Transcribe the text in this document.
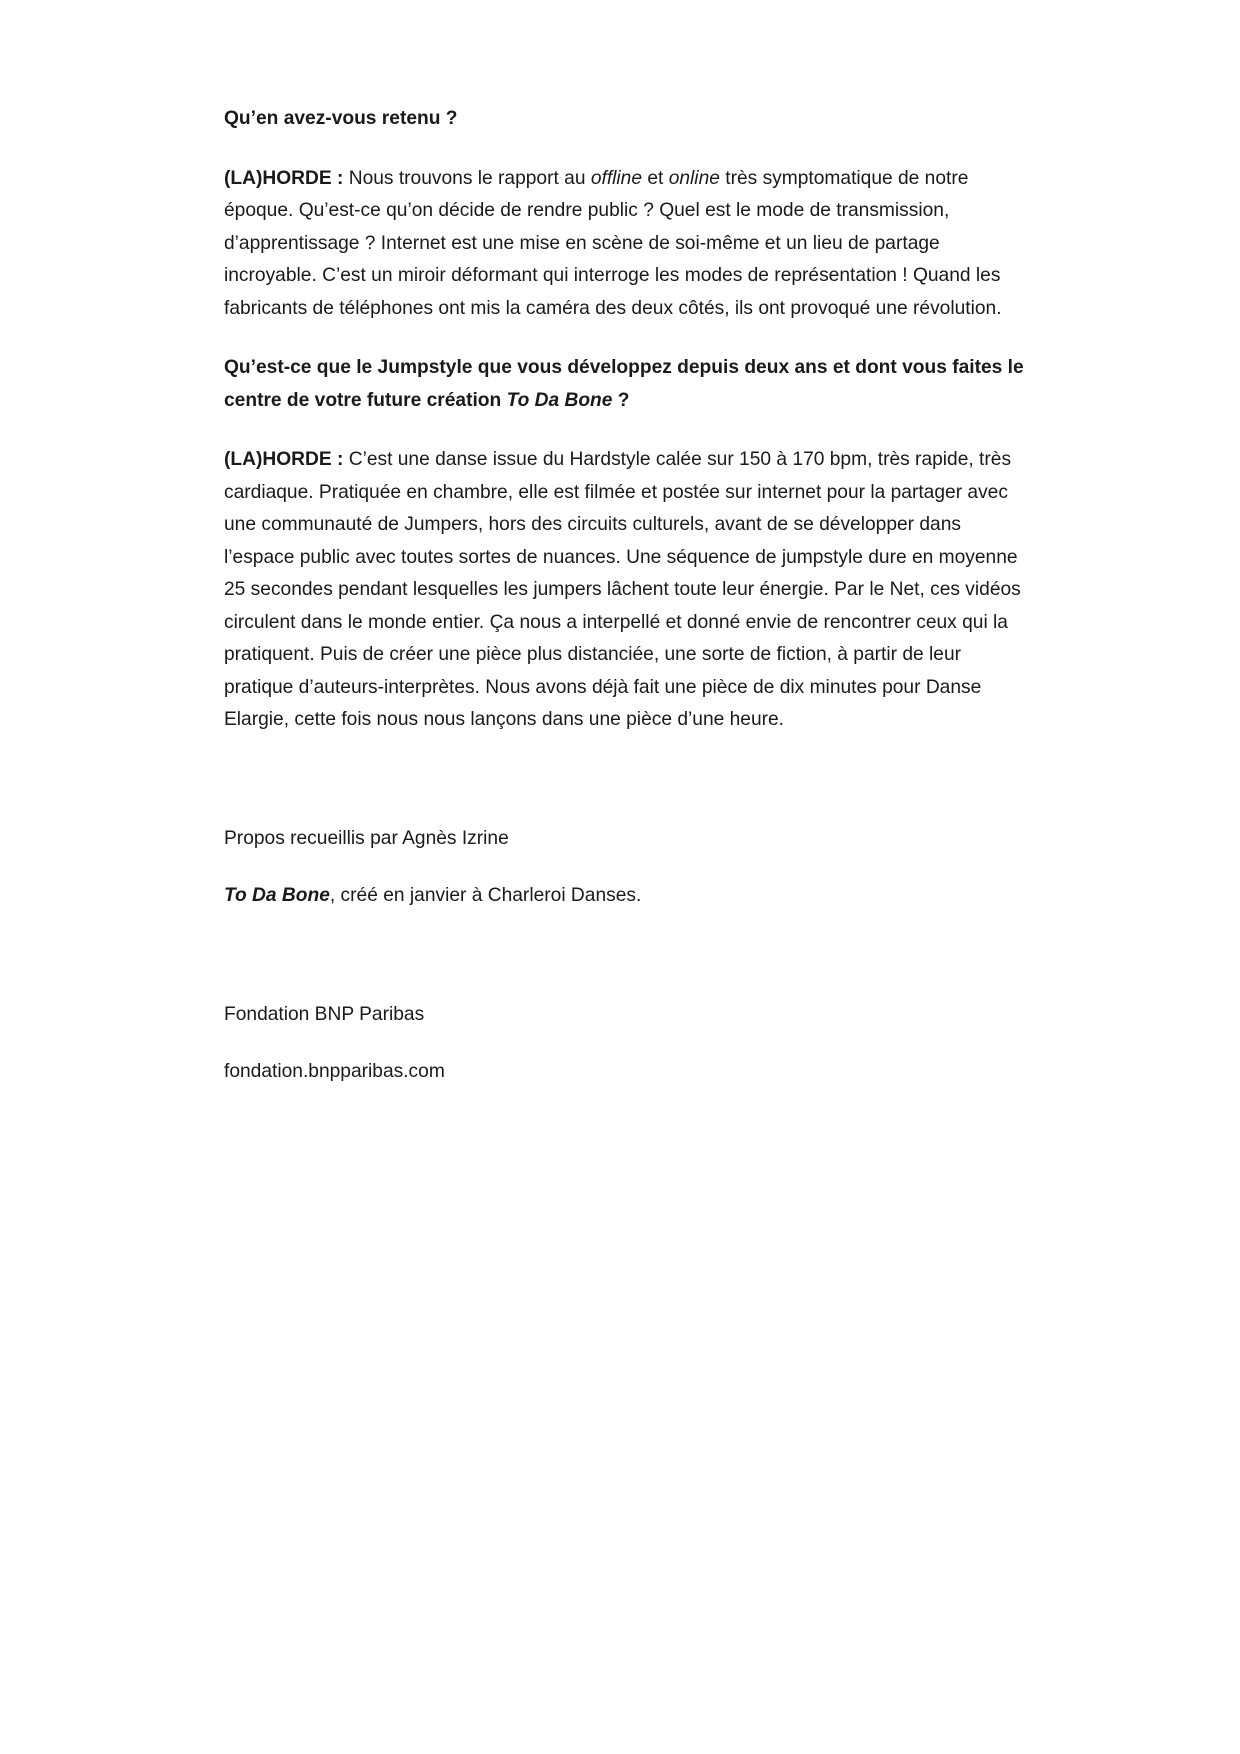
Qu’en avez-vous retenu ?

(LA)HORDE : Nous trouvons le rapport au offline et online très symptomatique de notre époque. Qu’est-ce qu’on décide de rendre public ? Quel est le mode de transmission, d’apprentissage ? Internet est une mise en scène de soi-même et un lieu de partage incroyable. C’est un miroir déformant qui interroge les modes de représentation ! Quand les fabricants de téléphones ont mis la caméra des deux côtés, ils ont provoqué une révolution.

Qu’est-ce que le Jumpstyle que vous développez depuis deux ans et dont vous faites le centre de votre future création To Da Bone ?

(LA)HORDE : C’est une danse issue du Hardstyle calée sur 150 à 170 bpm, très rapide, très cardiaque. Pratiquée en chambre, elle est filmée et postée sur internet pour la partager avec une communauté de Jumpers, hors des circuits culturels, avant de se développer dans l’espace public avec toutes sortes de nuances. Une séquence de jumpstyle dure en moyenne 25 secondes pendant lesquelles les jumpers lâchent toute leur énergie. Par le Net, ces vidéos circulent dans le monde entier. Ça nous a interpellé et donné envie de rencontrer ceux qui la pratiquent. Puis de créer une pièce plus distanciée, une sorte de fiction, à partir de leur pratique d’auteurs-interprètes. Nous avons déjà fait une pièce de dix minutes pour Danse Elargie, cette fois nous nous lançons dans une pièce d’une heure.

Propos recueillis par Agnès Izrine

To Da Bone, créé en janvier à Charleroi Danses.

Fondation BNP Paribas

fondation.bnpparibas.com
